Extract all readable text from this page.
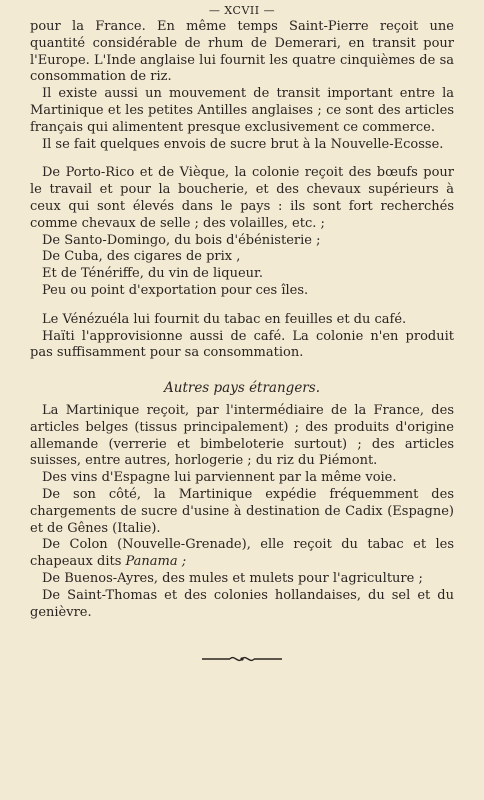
— XCVII —

pour la France. En même temps Saint-Pierre reçoit une quantité considérable de rhum de Demerari, en transit pour l'Europe. L'Inde anglaise lui fournit les quatre cinquièmes de sa consommation de riz.

Il existe aussi un mouvement de transit important entre la Martinique et les petites Antilles anglaises ; ce sont des articles français qui alimentent presque exclusivement ce commerce.

Il se fait quelques envois de sucre brut à la Nouvelle-Ecosse.

De Porto-Rico et de Vièque, la colonie reçoit des bœufs pour le travail et pour la boucherie, et des chevaux supérieurs à ceux qui sont élevés dans le pays : ils sont fort recherchés comme chevaux de selle ; des volailles, etc. ;

De Santo-Domingo, du bois d'ébénisterie ;

De Cuba, des cigares de prix ,

Et de Ténériffe, du vin de liqueur.

Peu ou point d'exportation pour ces îles.

Le Vénézuéla lui fournit du tabac en feuilles et du café.

Haïti l'approvisionne aussi de café. La colonie n'en produit pas suffisamment pour sa consommation.

Autres pays étrangers.

La Martinique reçoit, par l'intermédiaire de la France, des articles belges (tissus principalement) ; des produits d'origine allemande (verrerie et bimbeloterie surtout) ; des articles suisses, entre autres, horlogerie ; du riz du Piémont.

Des vins d'Espagne lui parviennent par la même voie.

De son côté, la Martinique expédie fréquemment des chargements de sucre d'usine à destination de Cadix (Espagne) et de Gênes (Italie).

De Colon (Nouvelle-Grenade), elle reçoit du tabac et les chapeaux dits Panama ;

De Buenos-Ayres, des mules et mulets pour l'agriculture ;

De Saint-Thomas et des colonies hollandaises, du sel et du genièvre.
